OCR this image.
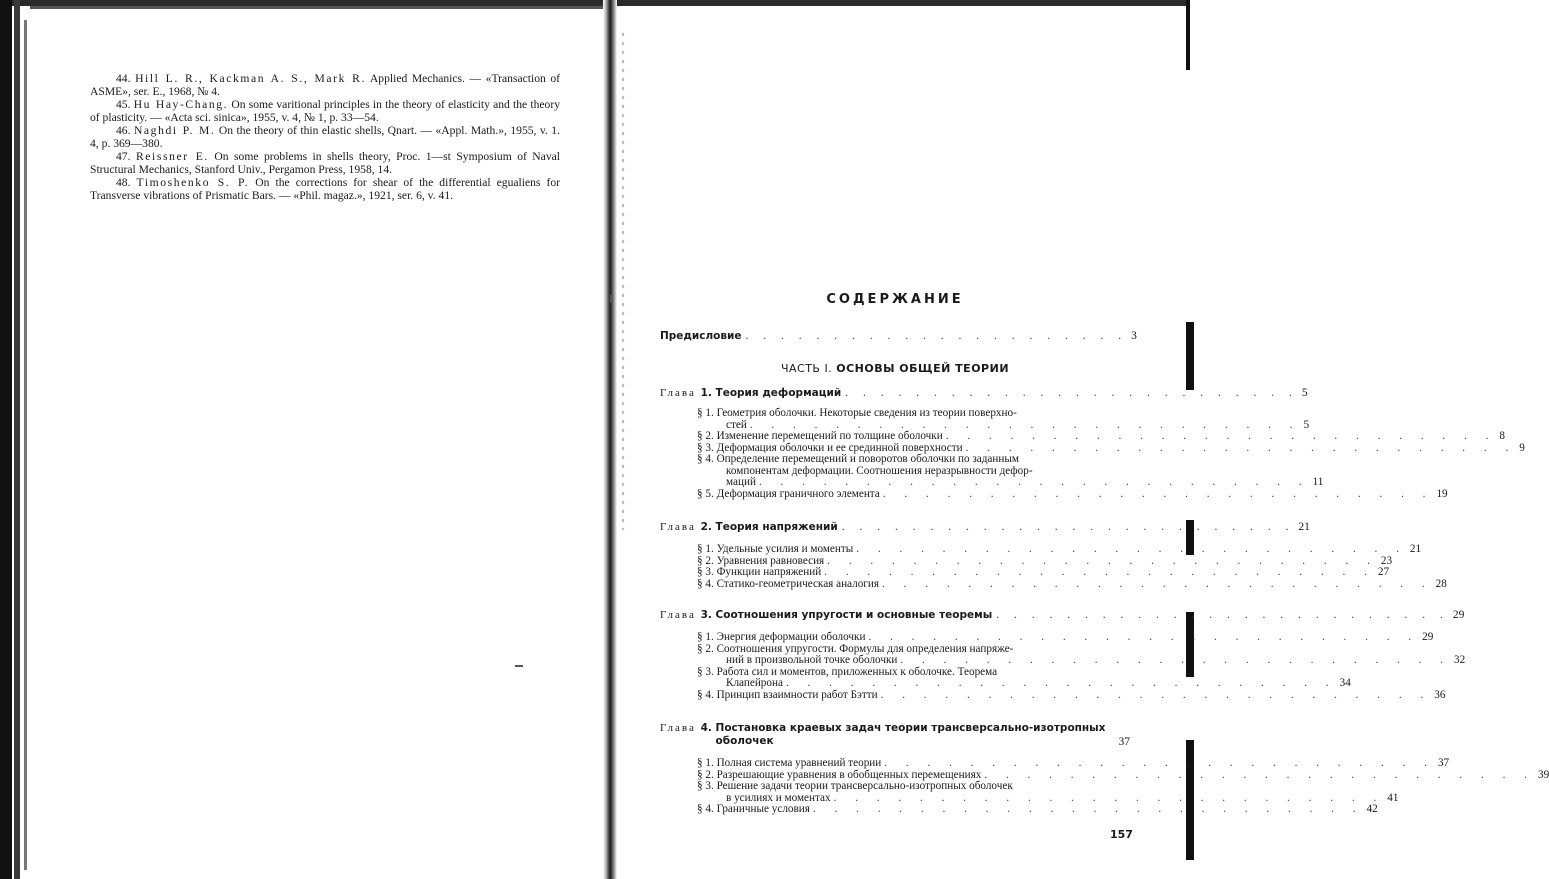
44. Hill L. R., Kackman A. S., Mark R. Applied Mechanics. — «Transaction of ASME», ser. E., 1968, № 4.

45. Hu Hay-Chang. On some varitional principles in the theory of elasticity and the theory of plasticity. — «Acta sci. sinica», 1955, v. 4, № 1, p. 33—54.

46. Naghdi P. M. On the theory of thin elastic shells, Qnart. — «Appl. Math.», 1955, v. 1. 4, p. 369—380.

47. Reissner E. On some problems in shells theory, Proc. 1—st Symposium of Naval Structural Mechanics, Stanford Univ., Pergamon Press, 1958, 14.

48. Timoshenko S. P. On the corrections for shear of the differential egualiens for Transverse vibrations of Prismatic Bars. — «Phil. magaz.», 1921, ser. 6, v. 41.

СОДЕРЖАНИЕ
Предисловие . . . . . . . . . . . . . . . . . . . . . . 3
ЧАСТЬ I. ОСНОВЫ ОБЩЕЙ ТЕОРИИ
Глава 1. Теория деформаций . . . . . . . . . . . . . . . . . . . . . . . . . . 5
§ 1. Геометрия оболочки. Некоторые сведения из теории поверхно-
стей . . . . . . . . . . . . . . . . . . . . . . . . . . 5
§ 2. Изменение перемещений по толщине оболочки . . . . . . . . . . . . . . . . . . . . . . . . . . 8
§ 3. Деформация оболочки и ее срединной поверхности . . . . . . . . . . . . . . . . . . . . . . . . . . 9
§ 4. Определение перемещений и поворотов оболочки по заданным
компонентам деформации. Соотношения неразрывности дефор-
маций . . . . . . . . . . . . . . . . . . . . . . . . . . 11
§ 5. Деформация граничного элемента . . . . . . . . . . . . . . . . . . . . . . . . . . 19
Глава 2. Теория напряжений . . . . . . . . . . . . . . . . . . . . . . . . . . 21
§ 1. Удельные усилия и моменты . . . . . . . . . . . . . . . . . . . . . . . . . . 21
§ 2. Уравнения равновесия . . . . . . . . . . . . . . . . . . . . . . . . . . 23
§ 3. Функции напряжений . . . . . . . . . . . . . . . . . . . . . . . . . . 27
§ 4. Статико-геометрическая аналогия . . . . . . . . . . . . . . . . . . . . . . . . . . 28
Глава 3. Соотношения упругости и основные теоремы . . . . . . . . . . . . . . . . . . . . . . . . . . 29
§ 1. Энергия деформации оболочки . . . . . . . . . . . . . . . . . . . . . . . . . . 29
§ 2. Соотношения упругости. Формулы для определения напряже-
ний в произвольной точке оболочки . . . . . . . . . . . . . . . . . . . . . . . . . . 32
§ 3. Работа сил и моментов, приложенных к оболочке. Теорема
Клапейрона . . . . . . . . . . . . . . . . . . . . . . . . . . 34
§ 4. Принцип взаимности работ Бэтти . . . . . . . . . . . . . . . . . . . . . . . . . . 36
Глава 4. Постановка краевых задач теории трансверсально-изотропных
оболочек	37
§ 1. Полная система уравнений теории . . . . . . . . . . . . . . . . . . . . . . . . . . 37
§ 2. Разрешающие уравнения в обобщенных перемещениях . . . . . . . . . . . . . . . . . . . . . . . . . . 39
§ 3. Решение задачи теории трансверсально-изотропных оболочек
в усилиях и моментах . . . . . . . . . . . . . . . . . . . . . . . . . . 41
§ 4. Граничные условия . . . . . . . . . . . . . . . . . . . . . . . . . . 42
157
